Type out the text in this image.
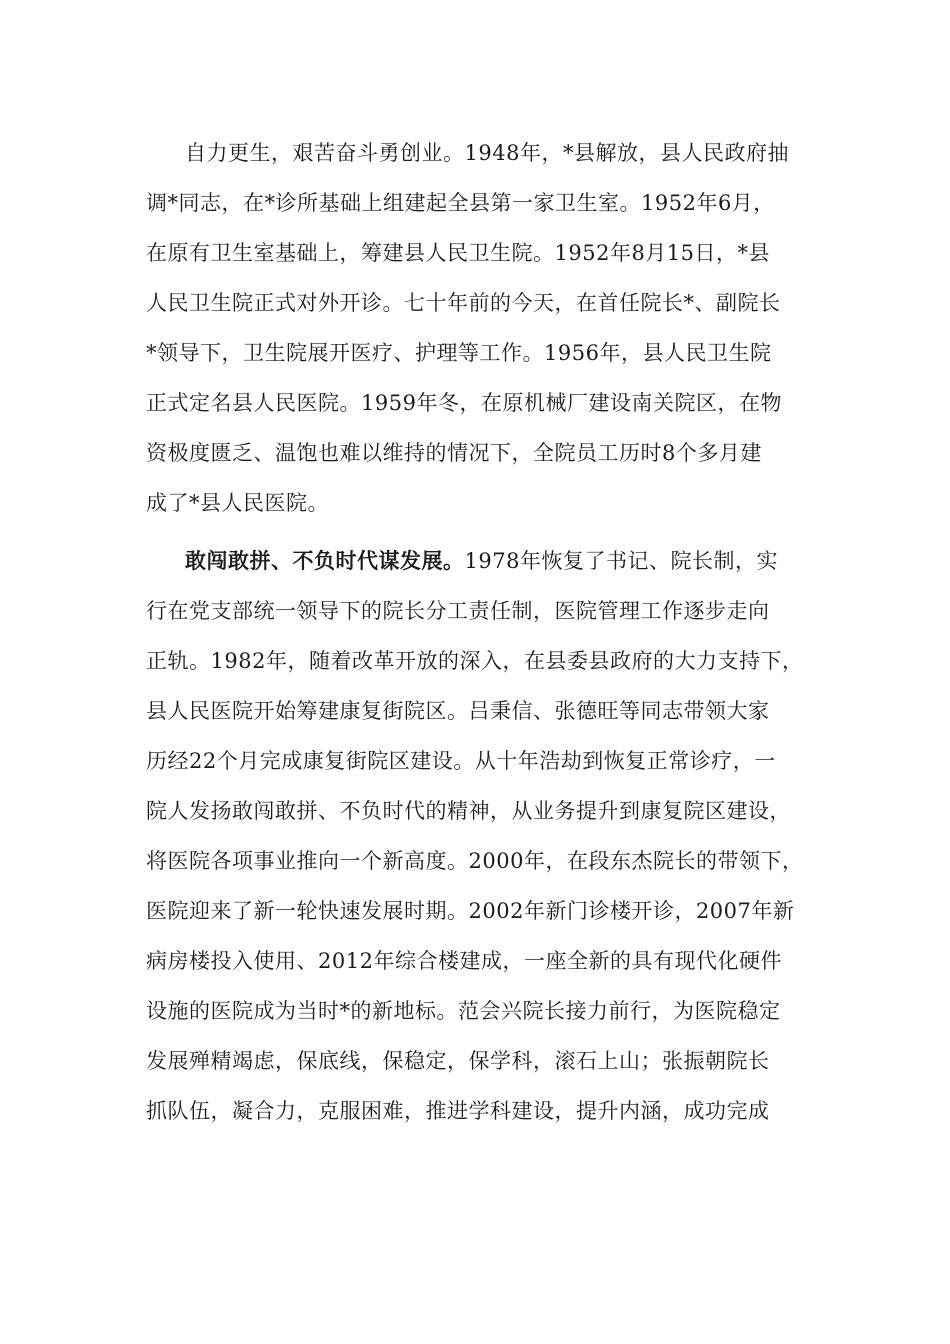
自力更生，艰苦奋斗勇创业。1948年，*县解放，县人民政府抽
调*同志，在*诊所基础上组建起全县第一家卫生室。1952年6月，
在原有卫生室基础上，筹建县人民卫生院。1952年8月15日，*县
人民卫生院正式对外开诊。七十年前的今天，在首任院长*、副院长
*领导下，卫生院展开医疗、护理等工作。1956年，县人民卫生院
正式定名县人民医院。1959年冬，在原机械厂建设南关院区，在物
资极度匮乏、温饱也难以维持的情况下，全院员工历时8个多月建
成了*县人民医院。
敢闯敢拼、不负时代谋发展。1978年恢复了书记、院长制，实
行在党支部统一领导下的院长分工责任制，医院管理工作逐步走向
正轨。1982年，随着改革开放的深入，在县委县政府的大力支持下，
县人民医院开始筹建康复街院区。吕秉信、张德旺等同志带领大家
历经22个月完成康复街院区建设。从十年浩劫到恢复正常诊疗，一
院人发扬敢闯敢拼、不负时代的精神，从业务提升到康复院区建设，
将医院各项事业推向一个新高度。2000年，在段东杰院长的带领下，
医院迎来了新一轮快速发展时期。2002年新门诊楼开诊，2007年新
病房楼投入使用、2012年综合楼建成，一座全新的具有现代化硬件
设施的医院成为当时*的新地标。范会兴院长接力前行，为医院稳定
发展殚精竭虑，保底线，保稳定，保学科，滚石上山；张振朝院长
抓队伍，凝合力，克服困难，推进学科建设，提升内涵，成功完成
